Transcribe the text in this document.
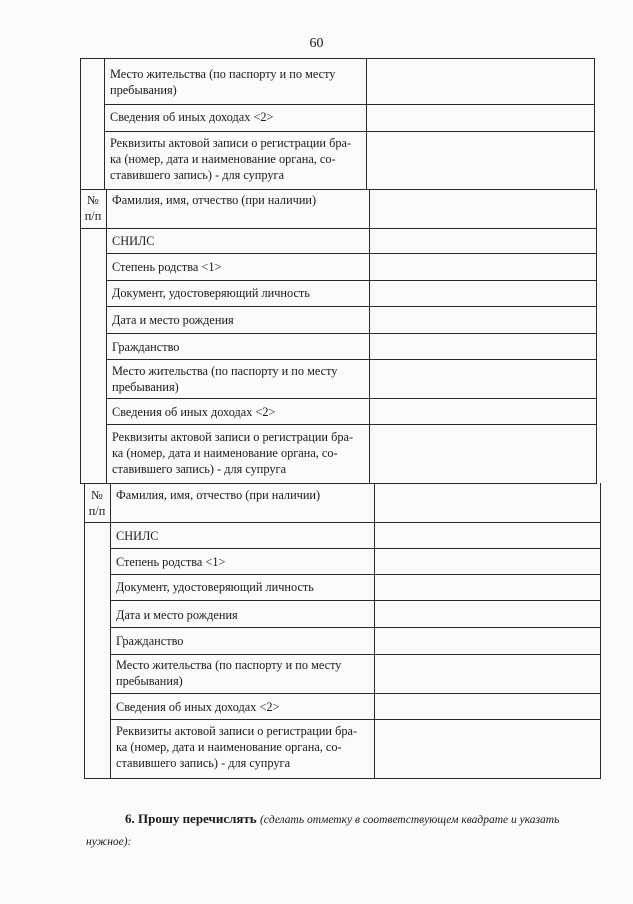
60
Место жительства (по паспорту и по месту
пребывания)
Сведения об иных доходах <2>
Реквизиты актовой записи о регистрации бра-
ка (номер, дата и наименование органа, со-
ставившего запись) - для супруга
№
п/п
Фамилия, имя, отчество (при наличии)
СНИЛС
Степень родства <1>
Документ, удостоверяющий личность
Дата и место рождения
Гражданство
Место жительства (по паспорту и по месту
пребывания)
Сведения об иных доходах <2>
Реквизиты актовой записи о регистрации бра-
ка (номер, дата и наименование органа, со-
ставившего запись) - для супруга
№
п/п
Фамилия, имя, отчество (при наличии)
СНИЛС
Степень родства <1>
Документ, удостоверяющий личность
Дата и место рождения
Гражданство
Место жительства (по паспорту и по месту
пребывания)
Сведения об иных доходах <2>
Реквизиты актовой записи о регистрации бра-
ка (номер, дата и наименование органа, со-
ставившего запись) - для супруга
6. Прошу перечислять (сделать отметку в соответствующем квадрате и указать
нужное):
